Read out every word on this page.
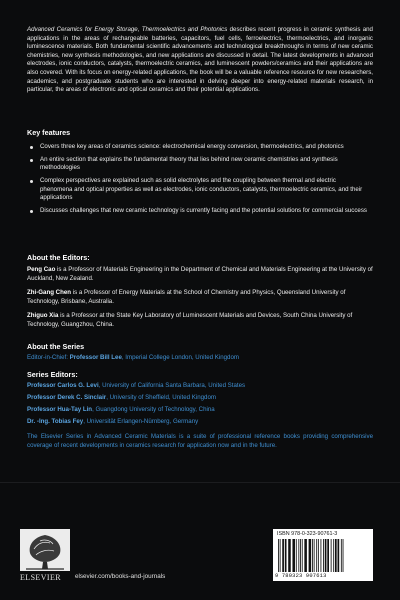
Advanced Ceramics for Energy Storage, Thermoelectrics and Photonics describes recent progress in ceramic synthesis and applications in the areas of rechargeable batteries, capacitors, fuel cells, ferroelectrics, thermoelectrics, and inorganic luminescence materials. Both fundamental scientific advancements and technological breakthroughs in terms of new ceramic chemistries, new synthesis methodologies, and new applications are discussed in detail. The latest developments in advanced electrodes, ionic conductors, catalysts, thermoelectric ceramics, and luminescent powders/ceramics and their applications are also covered. With its focus on energy-related applications, the book will be a valuable reference resource for new researchers, academics, and postgraduate students who are interested in delving deeper into energy-related materials research, in particular, the areas of electronic and optical ceramics and their potential applications.

Key features
Covers three key areas of ceramics science: electrochemical energy conversion, thermoelectrics, and photonics
An entire section that explains the fundamental theory that lies behind new ceramic chemistries and synthesis methodologies
Complex perspectives are explained such as solid electrolytes and the coupling between thermal and electric phenomena and optical properties as well as electrodes, ionic conductors, catalysts, thermoelectric ceramics, and their applications
Discusses challenges that new ceramic technology is currently facing and the potential solutions for commercial success
About the Editors:

Peng Cao is a Professor of Materials Engineering in the Department of Chemical and Materials Engineering at the University of Auckland, New Zealand.

Zhi-Gang Chen is a Professor of Energy Materials at the School of Chemistry and Physics, Queensland University of Technology, Brisbane, Australia.

Zhiguo Xia is a Professor at the State Key Laboratory of Luminescent Materials and Devices, South China University of Technology, Guangzhou, China.

About the Series

Editor-in-Chief: Professor Bill Lee, Imperial College London, United Kingdom

Series Editors:

Professor Carlos G. Levi, University of California Santa Barbara, United States

Professor Derek C. Sinclair, University of Sheffield, United Kingdom

Professor Hua-Tay Lin, Guangdong University of Technology, China

Dr. -Ing. Tobias Fey, Universität Erlangen-Nürnberg, Germany

The Elsevier Series in Advanced Ceramic Materials is a suite of professional reference books providing comprehensive coverage of recent developments in ceramics research for application now and in the future.

ELSEVIER	elsevier.com/books-and-journals
ISBN 978-0-323-90761-3
9 780323 907613
